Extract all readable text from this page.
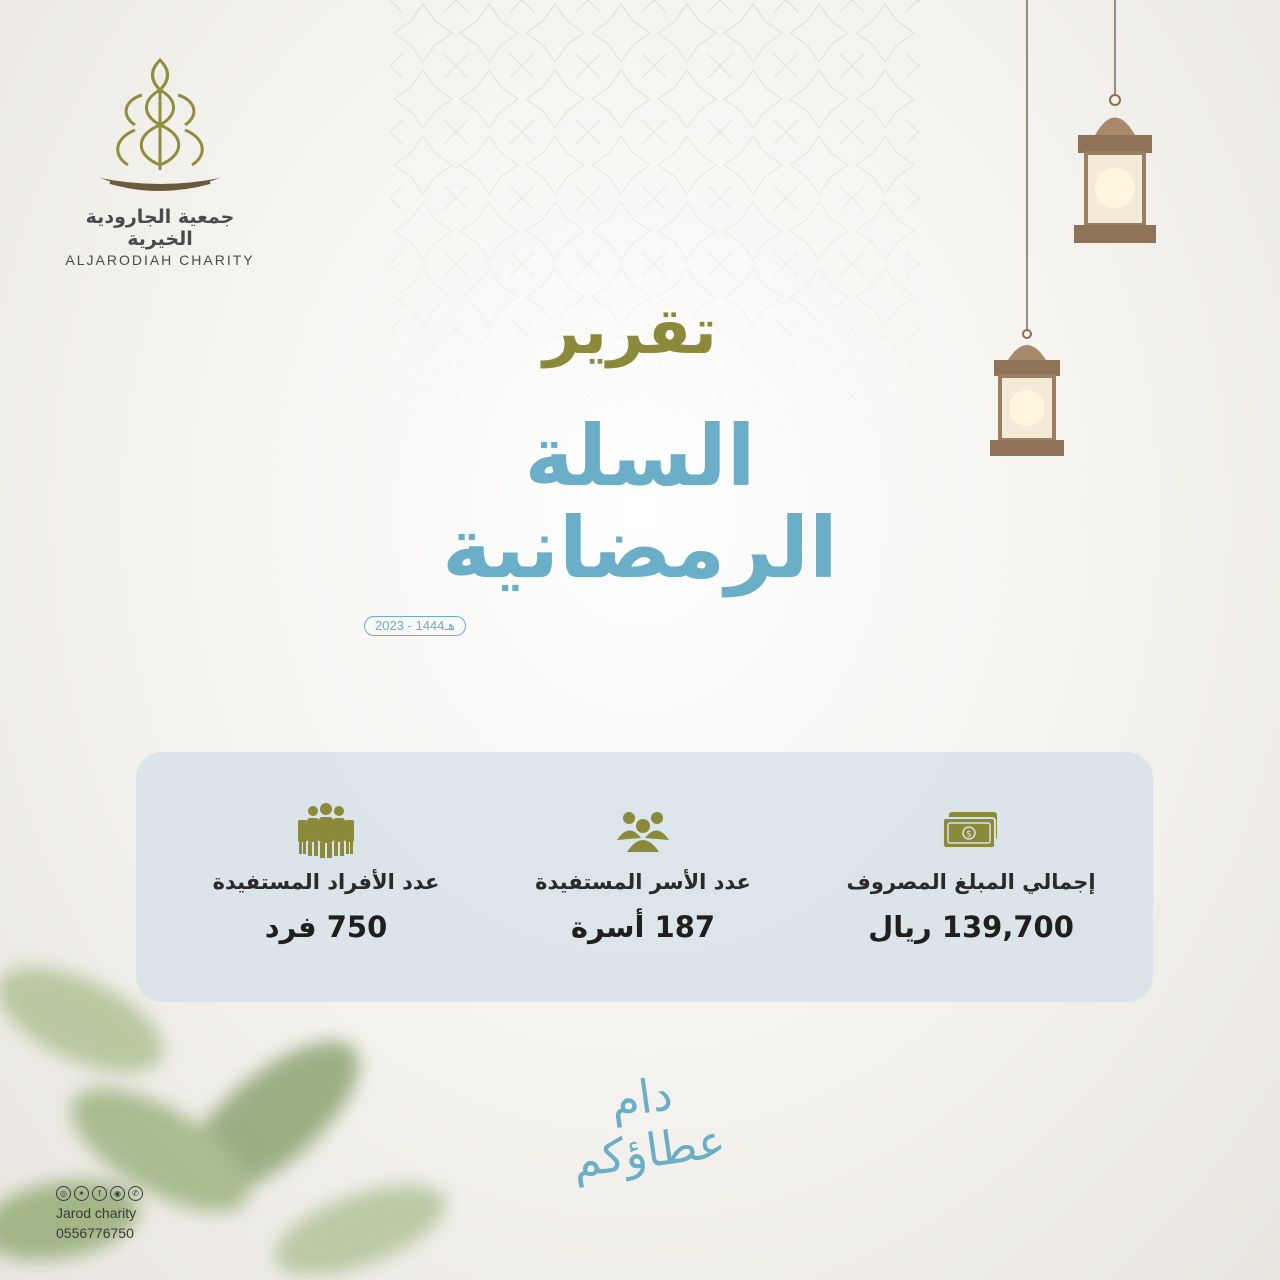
جمعية الجارودية الخيرية
ALJARODIAH CHARITY
تقرير
السلة الرمضانية
2023 - 1444هـ
$
إجمالي المبلغ المصروف
139,700 ريال
عدد الأسر المستفيدة
187 أسرة
عدد الأفراد المستفيدة
750 فرد
دام عطاؤكم
◎	✦	f	◉	✆
Jarod charity
0556776750
